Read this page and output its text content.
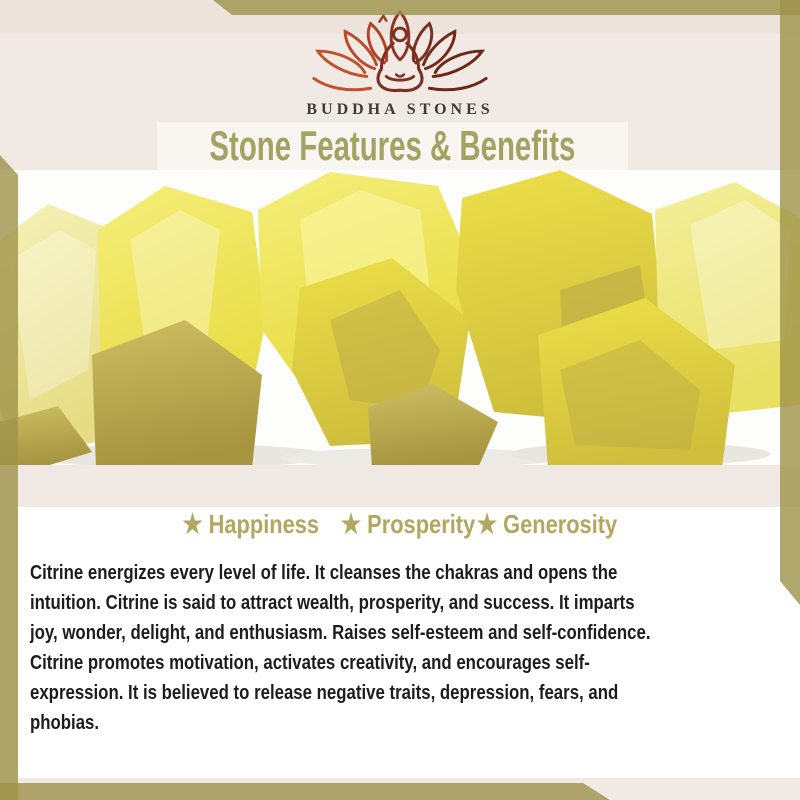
BUDDHA STONES
Stone Features & Benefits
★ Happiness ★ Prosperity★ Generosity
Citrine energizes every level of life. It cleanses the chakras and opens the
intuition. Citrine is said to attract wealth, prosperity, and success. It imparts
joy, wonder, delight, and enthusiasm. Raises self-esteem and self-confidence.
Citrine promotes motivation, activates creativity, and encourages self-
expression. It is believed to release negative traits, depression, fears, and
phobias.
